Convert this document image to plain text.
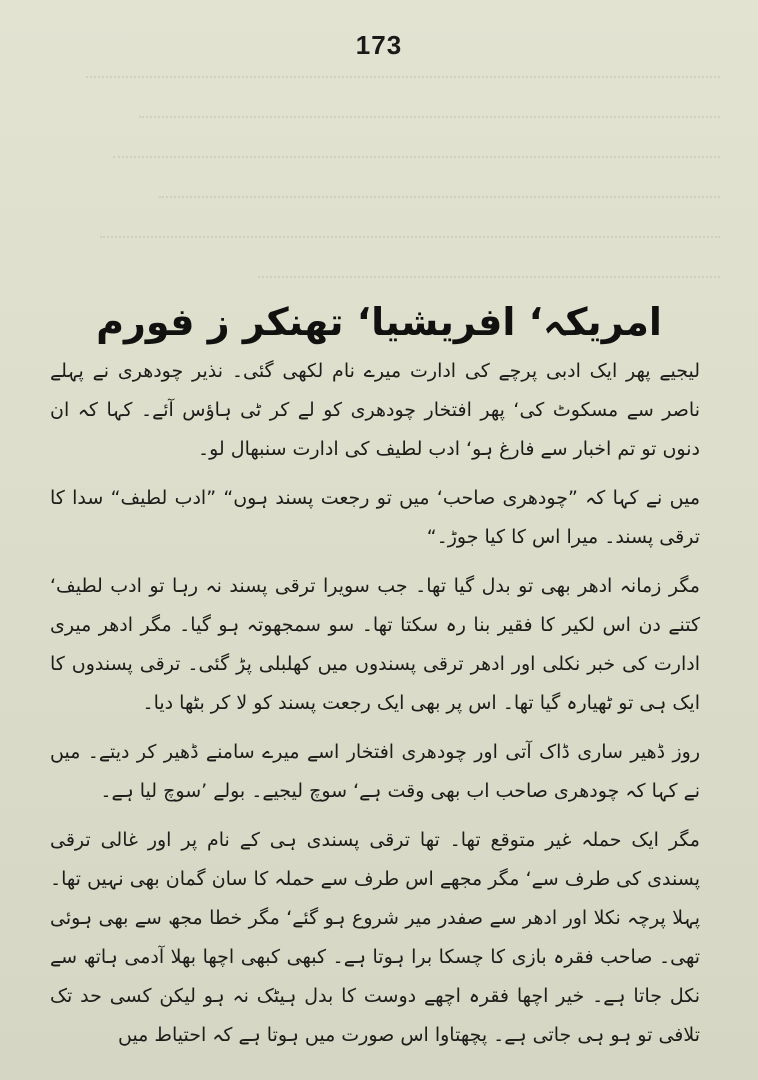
173
امریکہ‘ افریشیا‘ تھنکر ز فورم

لیجیے پھر ایک ادبی پرچے کی ادارت میرے نام لکھی گئی۔ نذیر چودھری نے پہلے ناصر سے مسکوٹ کی‘ پھر افتخار چودھری کو لے کر ٹی ہاؤس آئے۔ کہا کہ ان دنوں تو تم اخبار سے فارغ ہو‘ ادب لطیف کی ادارت سنبھال لو۔

میں نے کہا کہ ”چودھری صاحب‘ میں تو رجعت پسند ہوں“ ”ادب لطیف“ سدا کا ترقی پسند۔ میرا اس کا کیا جوڑ۔“

مگر زمانہ ادھر بھی تو بدل گیا تھا۔ جب سویرا ترقی پسند نہ رہا تو ادب لطیف‘ کتنے دن اس لکیر کا فقیر بنا رہ سکتا تھا۔ سو سمجھوتہ ہو گیا۔ مگر ادھر میری ادارت کی خبر نکلی اور ادھر ترقی پسندوں میں کھلبلی پڑ گئی۔ ترقی پسندوں کا ایک ہی تو ٹھیارہ گیا تھا۔ اس پر بھی ایک رجعت پسند کو لا کر بٹھا دیا۔

روز ڈھیر ساری ڈاک آتی اور چودھری افتخار اسے میرے سامنے ڈھیر کر دیتے۔ میں نے کہا کہ چودھری صاحب اب بھی وقت ہے‘ سوچ لیجیے۔ بولے ’سوچ لیا ہے۔

مگر ایک حملہ غیر متوقع تھا۔ تھا ترقی پسندی ہی کے نام پر اور غالی ترقی پسندی کی طرف سے‘ مگر مجھے اس طرف سے حملہ کا سان گمان بھی نہیں تھا۔ پہلا پرچہ نکلا اور ادھر سے صفدر میر شروع ہو گئے‘ مگر خطا مجھ سے بھی ہوئی تھی۔ صاحب فقرہ بازی کا چسکا برا ہوتا ہے۔ کبھی کبھی اچھا بھلا آدمی ہاتھ سے نکل جاتا ہے۔ خیر اچھا فقرہ اچھے دوست کا بدل ہیٹک نہ ہو لیکن کسی حد تک تلافی تو ہو ہی جاتی ہے۔ پچھتاوا اس صورت میں ہوتا ہے کہ احتیاط میں
